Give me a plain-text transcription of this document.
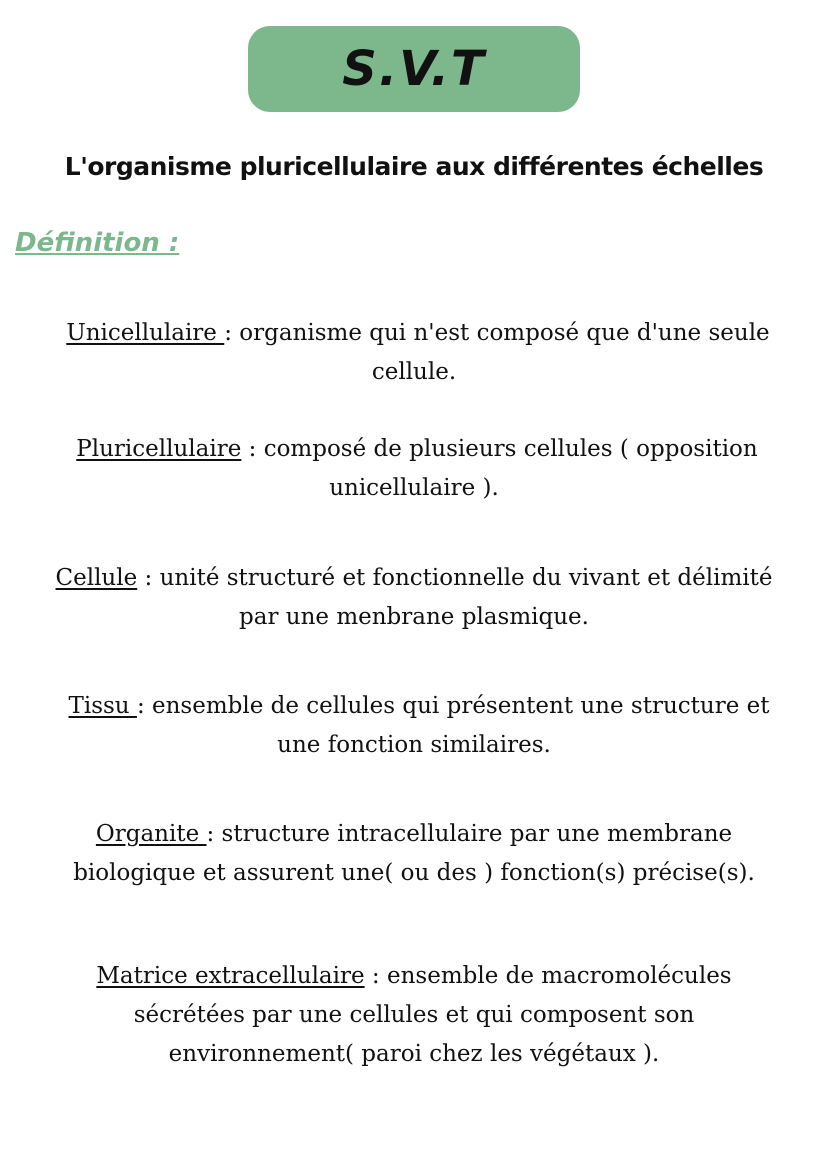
S.V.T
L'organisme pluricellulaire aux différentes échelles
Définition :
Unicellulaire : organisme qui n'est composé que d'une seule
cellule.
Pluricellulaire : composé de plusieurs cellules ( opposition
unicellulaire ).
Cellule : unité structuré et fonctionnelle du vivant et délimité
par une menbrane plasmique.
Tissu : ensemble de cellules qui présentent une structure et
une fonction similaires.
Organite : structure intracellulaire par une membrane
biologique et assurent une( ou des ) fonction(s) précise(s).
Matrice extracellulaire : ensemble de macromolécules
sécrétées par une cellules et qui composent son
environnement( paroi chez les végétaux ).
